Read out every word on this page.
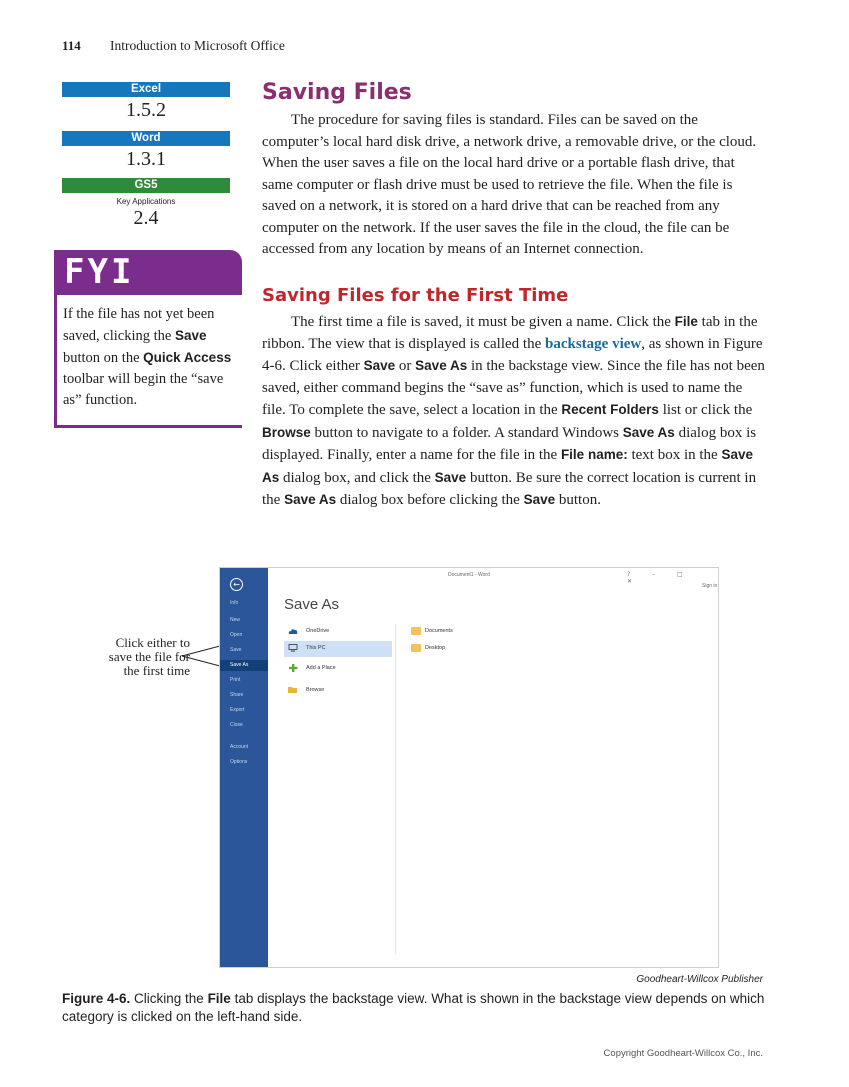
114 Introduction to Microsoft Office
Excel
1.5.2
Word
1.3.1
GS5
Key Applications
2.4
FYI
If the file has not yet been saved, clicking the Save button on the Quick Access toolbar will begin the “save as” function.
Saving Files
The procedure for saving files is standard. Files can be saved on the computer’s local hard disk drive, a network drive, a removable drive, or the cloud. When the user saves a file on the local hard drive or a portable flash drive, that same computer or flash drive must be used to retrieve the file. When the file is saved on a network, it is stored on a hard drive that can be reached from any computer on the network. If the user saves the file in the cloud, the file can be accessed from any location by means of an Internet connection.
Saving Files for the First Time
The first time a file is saved, it must be given a name. Click the File tab in the ribbon. The view that is displayed is called the backstage view, as shown in Figure 4-6. Click either Save or Save As in the backstage view. Since the file has not been saved, either command begins the “save as” function, which is used to name the file. To complete the save, select a location in the Recent Folders list or click the Browse button to navigate to a folder. A standard Windows Save As dialog box is displayed. Finally, enter a name for the file in the File name: text box in the Save As dialog box, and click the Save button. Be sure the correct location is current in the Save As dialog box before clicking the Save button.
Click either to save the file for the first time
←
Info
New
Open
Save
Save As
Print
Share
Export
Close
Account
Options
Document1 - Word	? – □ ✕
Sign in
Save As
OneDrive
This PC
Add a Place
Browse
Documents
Desktop
Goodheart-Willcox Publisher
Figure 4-6. Clicking the File tab displays the backstage view. What is shown in the backstage view depends on which category is clicked on the left-hand side.
Copyright Goodheart-Willcox Co., Inc.
